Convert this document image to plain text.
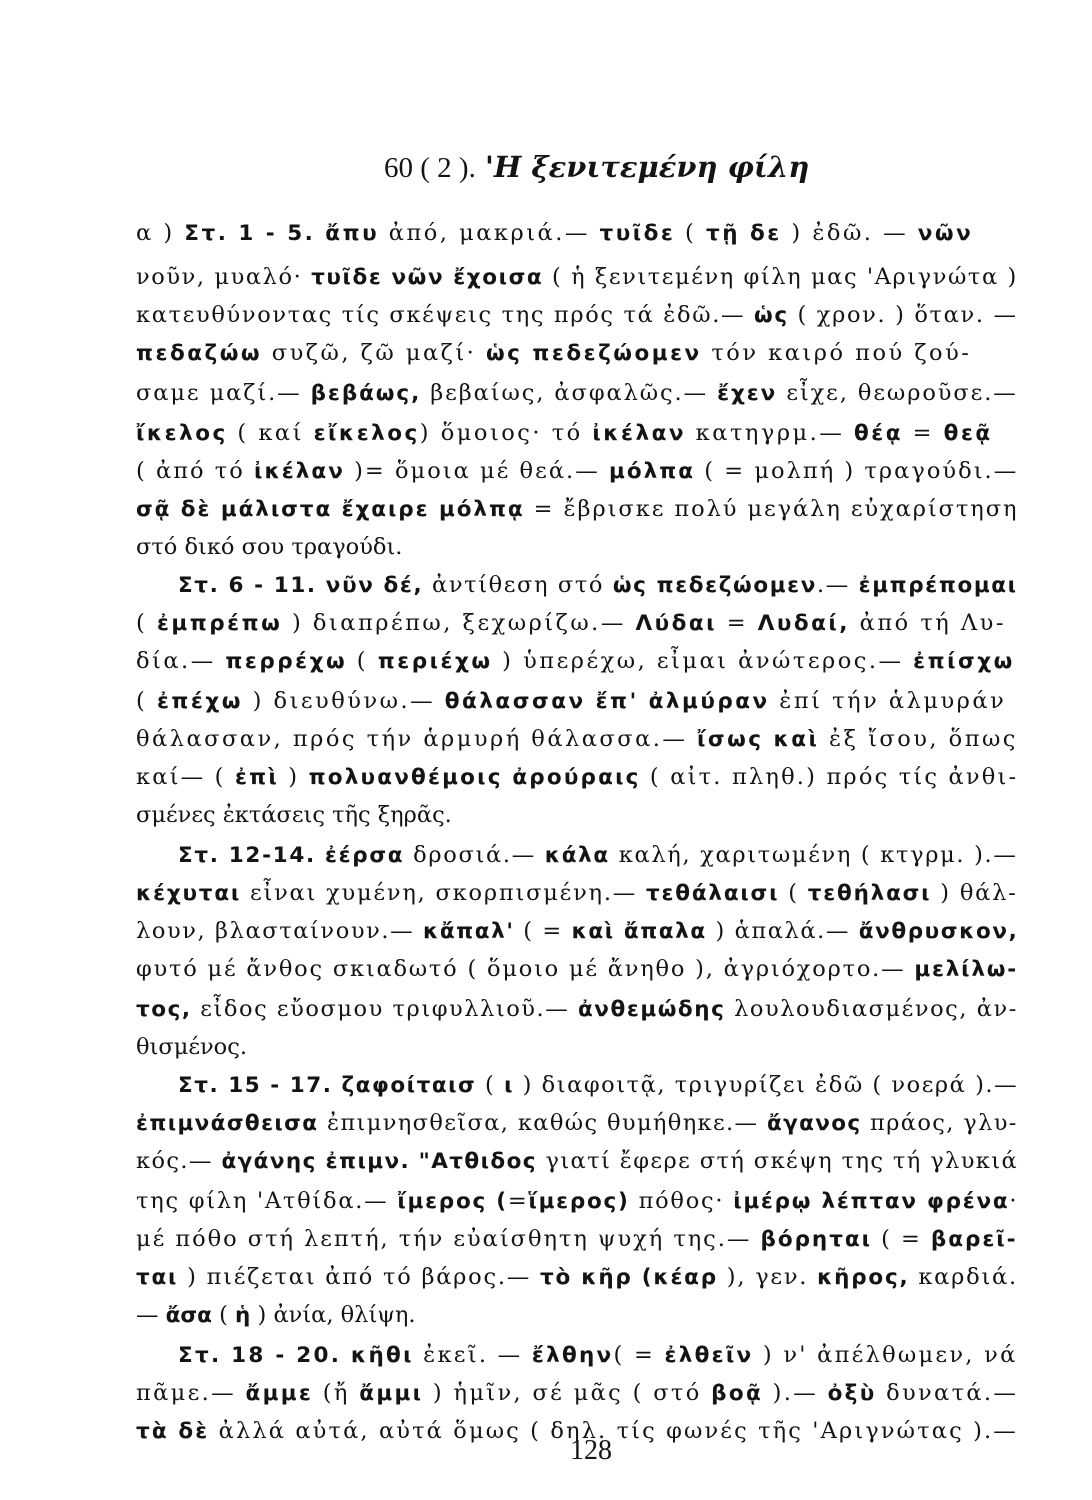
60 ( 2 ). 'Η ξενιτεμένη φίλη
α ) Στ. 1 - 5. ἄπυ ἀπό, μακριά.— τυῖδε ( τῇ δε ) ἐδῶ. — νῶν
νοῦν, μυαλό· τυῖδε νῶν ἔχοισα ( ἡ ξενιτεμένη φίλη μας 'Αριγνώτα )
κατευθύνοντας τίς σκέψεις της πρός τά ἐδῶ.— ὡς ( χρον. ) ὅταν. —
πεδαζώω συζῶ, ζῶ μαζί· ὡς πεδεζώομεν τόν καιρό πού ζού-
σαμε μαζί.— βεβάως, βεβαίως, ἀσφαλῶς.— ἔχεν εἶχε, θεωροῦσε.—
ἴκελος ( καί εἴκελος) ὅμοιος· τό ἰκέλαν κατηγρμ.— θέᾳ = θεᾷ
( ἀπό τό ἰκέλαν )= ὅμοια μέ θεά.— μόλπα ( = μολπή ) τραγούδι.—
σᾷ δὲ μάλιστα ἔχαιρε μόλπᾳ = ἔβρισκε πολύ μεγάλη εὐχαρίστηση
στό δικό σου τραγούδι.
Στ. 6 - 11. νῦν δέ, ἀντίθεση στό ὡς πεδεζώομεν.— ἐμπρέπομαι
( ἐμπρέπω ) διαπρέπω, ξεχωρίζω.— Λύδαι = Λυδαί, ἀπό τή Λυ-
δία.— περρέχω ( περιέχω ) ὑπερέχω, εἶμαι ἀνώτερος.— ἐπίσχω
( ἐπέχω ) διευθύνω.— θάλασσαν ἔπ' ἀλμύραν ἐπί τήν ἁλμυράν
θάλασσαν, πρός τήν ἁρμυρή θάλασσα.— ἴσως καὶ ἐξ ἴσου, ὅπως
καί— ( ἐπὶ ) πολυανθέμοις ἀρούραις ( αἰτ. πληθ.) πρός τίς ἀνθι-
σμένες ἐκτάσεις τῆς ξηρᾶς.
Στ. 12-14. ἐέρσα δροσιά.— κάλα καλή, χαριτωμένη ( κτγρμ. ).—
κέχυται εἶναι χυμένη, σκορπισμένη.— τεθάλαισι ( τεθήλασι ) θάλ-
λουν, βλασταίνουν.— κἄπαλ' ( = καὶ ἄπαλα ) ἁπαλά.— ἄνθρυσκον,
φυτό μέ ἄνθος σκιαδωτό ( ὅμοιο μέ ἄνηθο ), ἀγριόχορτο.— μελίλω-
τος, εἶδος εὔοσμου τριφυλλιοῦ.— ἀνθεμώδης λουλουδιασμένος, ἀν-
θισμένος.
Στ. 15 - 17. ζαφοίταισ ( ι ) διαφοιτᾷ, τριγυρίζει ἐδῶ ( νοερά ).—
ἐπιμνάσθεισα ἐπιμνησθεῖσα, καθώς θυμήθηκε.— ἄγανος πράος, γλυ-
κός.— ἀγάνης ἐπιμν. "Ατθιδος γιατί ἔφερε στή σκέψη της τή γλυκιά
της φίλη 'Ατθίδα.— ἴμερος (=ἵμερος) πόθος· ἰμέρῳ λέπταν φρένα·
μέ πόθο στή λεπτή, τήν εὐαίσθητη ψυχή της.— βόρηται ( = βαρεῖ-
ται ) πιέζεται ἀπό τό βάρος.— τὸ κῆρ (κέαρ ), γεν. κῆρος, καρδιά.
— ἄσα ( ἡ ) ἀνία, θλίψη.
Στ. 18 - 20. κῆθι ἐκεῖ. — ἔλθην( = ἐλθεῖν ) ν' ἀπέλθωμεν, νά
πᾶμε.— ἄμμε (ἤ ἄμμι ) ἡμῖν, σέ μᾶς ( στό βοᾷ ).— ὀξὺ δυνατά.—
τὰ δὲ ἀλλά αὐτά, αὐτά ὅμως ( δηλ. τίς φωνές τῆς 'Αριγνώτας ).—
128
